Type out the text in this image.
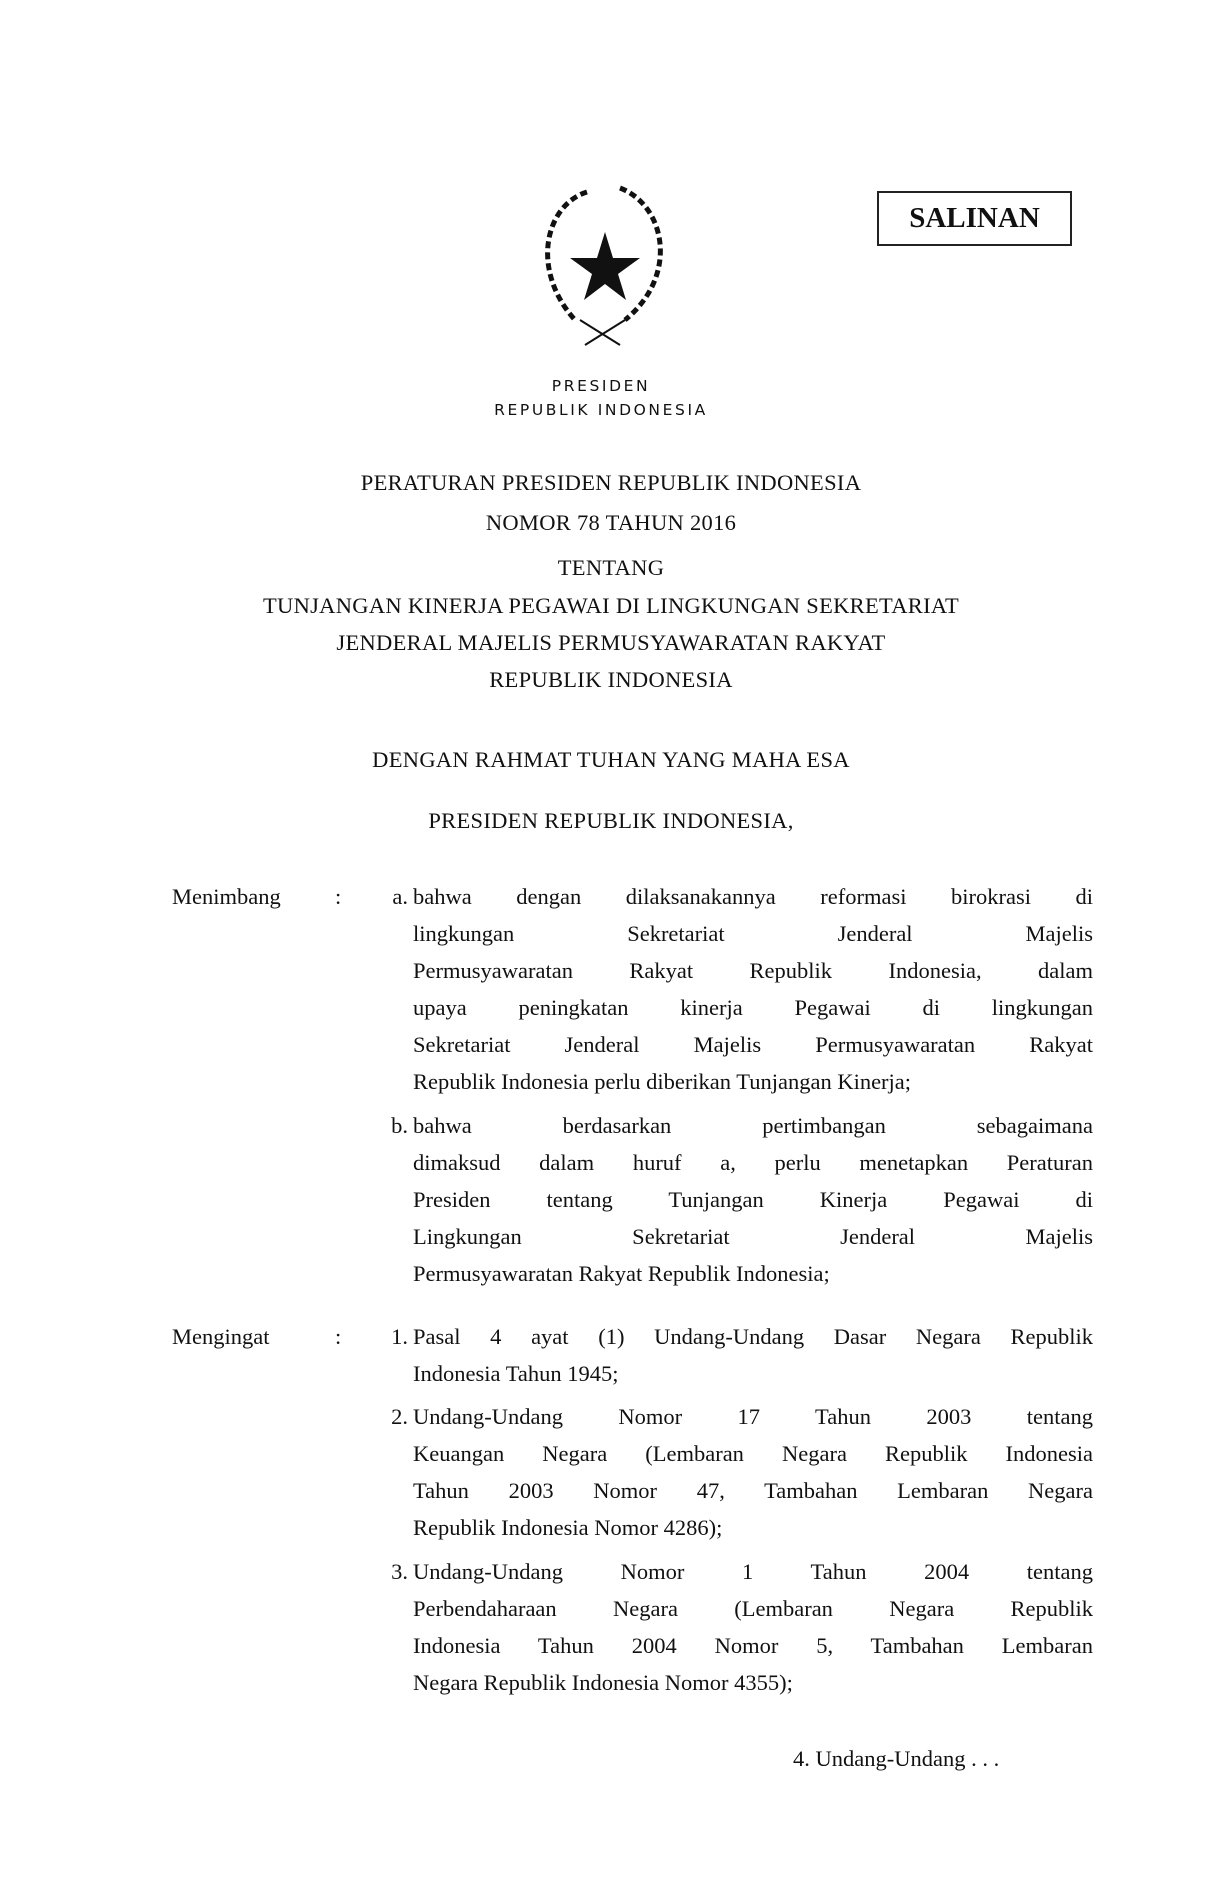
SALINAN
PRESIDEN
REPUBLIK INDONESIA
PERATURAN PRESIDEN REPUBLIK INDONESIA
NOMOR 78 TAHUN 2016
TENTANG
TUNJANGAN KINERJA PEGAWAI DI LINGKUNGAN SEKRETARIAT
JENDERAL MAJELIS PERMUSYAWARATAN RAKYAT
REPUBLIK INDONESIA
DENGAN RAHMAT TUHAN YANG MAHA ESA
PRESIDEN REPUBLIK INDONESIA,
Menimbang :	a. bahwa dengan dilaksanakannya reformasi birokrasi di
lingkungan Sekretariat Jenderal Majelis
Permusyawaratan Rakyat Republik Indonesia, dalam
upaya peningkatan kinerja Pegawai di lingkungan
Sekretariat Jenderal Majelis Permusyawaratan Rakyat
Republik Indonesia perlu diberikan Tunjangan Kinerja;
b. bahwa berdasarkan pertimbangan sebagaimana
dimaksud dalam huruf a, perlu menetapkan Peraturan
Presiden tentang Tunjangan Kinerja Pegawai di
Lingkungan Sekretariat Jenderal Majelis
Permusyawaratan Rakyat Republik Indonesia;
Mengingat	:	1. Pasal 4 ayat (1) Undang-Undang Dasar Negara Republik
Indonesia Tahun 1945;
2. Undang-Undang Nomor 17 Tahun 2003 tentang
Keuangan Negara (Lembaran Negara Republik Indonesia
Tahun 2003 Nomor 47, Tambahan Lembaran Negara
Republik Indonesia Nomor 4286);
3. Undang-Undang Nomor 1 Tahun 2004 tentang
Perbendaharaan Negara (Lembaran Negara Republik
Indonesia Tahun 2004 Nomor 5, Tambahan Lembaran
Negara Republik Indonesia Nomor 4355);
4. Undang-Undang . . .
